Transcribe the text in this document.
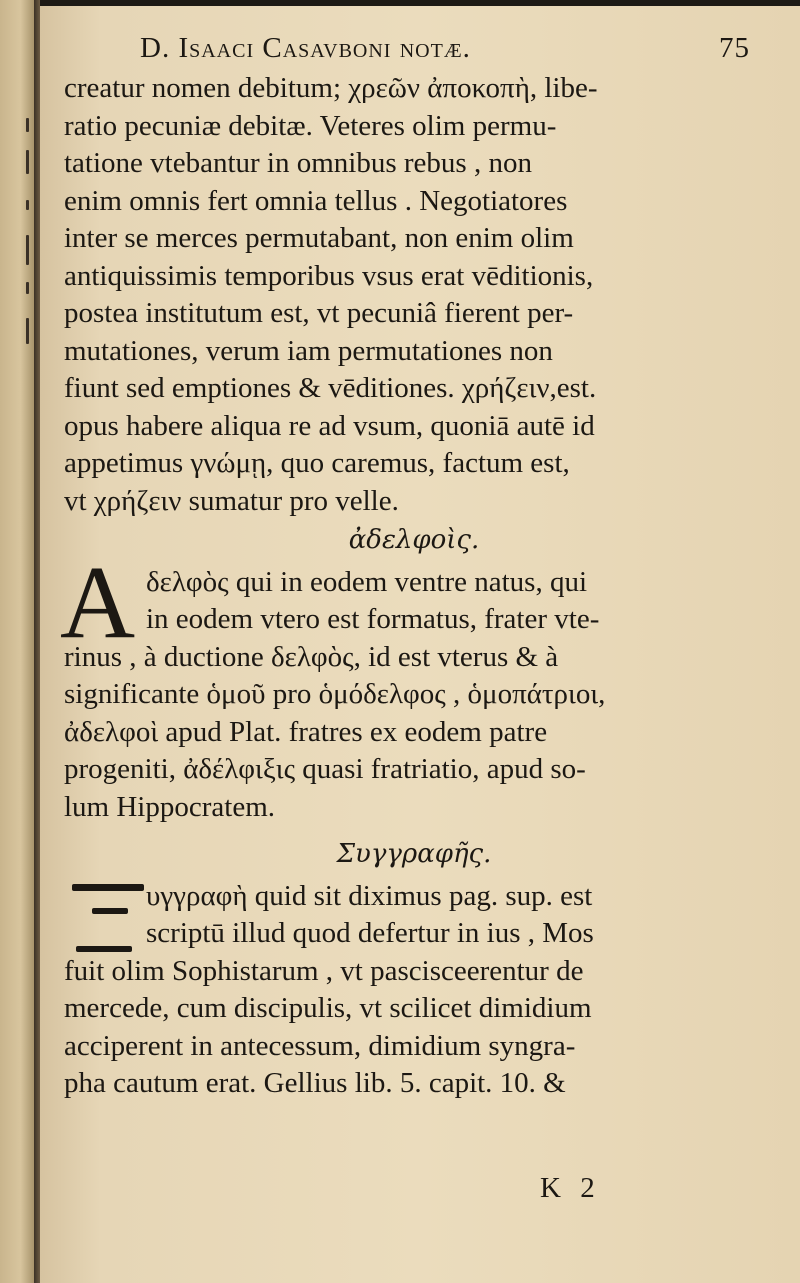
D. Isaaci Casavboni notæ.	75
creatur nomen debitum; χρεῶν ἀποκοπὴ, libe-
ratio pecuniæ debitæ. Veteres olim permu-
tatione vtebantur in omnibus rebus , non
enim omnis fert omnia tellus . Negotiatores
inter se merces permutabant, non enim olim
antiquissimis temporibus vsus erat vēditionis,
postea institutum est, vt pecuniâ fierent per-
mutationes, verum iam permutationes non
fiunt sed emptiones & vēditiones. χρήζειν,est.
opus habere aliqua re ad vsum, quoniā autē id
appetimus γνώμῃ, quo caremus, factum est,
vt χρήζειν sumatur pro velle.
ἀδελφοὶς.
A δελφὸς qui in eodem ventre natus, qui
in eodem vtero est formatus, frater vte-
rinus , à ductione δελφὸς, id est vterus & à
significante ὁμοῦ pro ὁμόδελφος , ὁμοπάτριοι,
ἀδελφοὶ apud Plat. fratres ex eodem patre
progeniti, ἀδέλφιξις quasi fratriatio, apud so-
lum Hippocratem.
Συγγραφῆς.
υγγραφὴ quid sit diximus pag. sup. est
scriptū illud quod defertur in ius , Mos
fuit olim Sophistarum , vt pascisceerentur de
mercede, cum discipulis, vt scilicet dimidium
acciperent in antecessum, dimidium syngra-
pha cautum erat. Gellius lib. 5. capit. 10. &
K 2
